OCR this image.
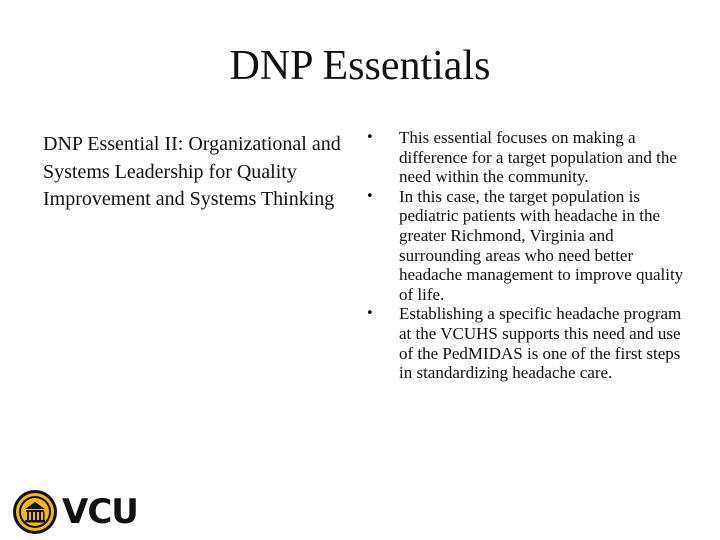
DNP Essentials
DNP Essential II: Organizational and Systems Leadership for Quality Improvement and Systems Thinking
• This essential focuses on making a difference for a target population and the need within the community.
• In this case, the target population is pediatric patients with headache in the greater Richmond, Virginia and surrounding areas who need better headache management to improve quality of life.
• Establishing a specific headache program at the VCUHS supports this need and use of the PedMIDAS is one of the first steps in standardizing headache care.
VCU
